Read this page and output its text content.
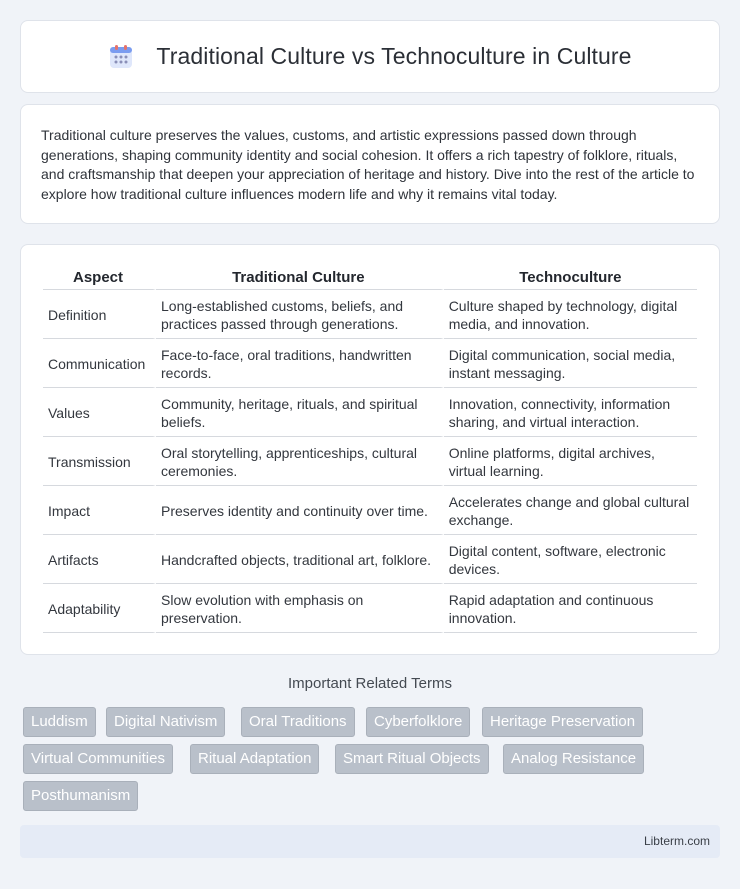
Traditional Culture vs Technoculture in Culture

Traditional culture preserves the values, customs, and artistic expressions passed down through generations, shaping community identity and social cohesion. It offers a rich tapestry of folklore, rituals, and craftsmanship that deepen your appreciation of heritage and history. Dive into the rest of the article to explore how traditional culture influences modern life and why it remains vital today.

Aspect	Traditional Culture	Technoculture
Definition	Long-established customs, beliefs, and practices passed through generations.	Culture shaped by technology, digital media, and innovation.
Communication	Face-to-face, oral traditions, handwritten records.	Digital communication, social media, instant messaging.
Values	Community, heritage, rituals, and spiritual beliefs.	Innovation, connectivity, information sharing, and virtual interaction.
Transmission	Oral storytelling, apprenticeships, cultural ceremonies.	Online platforms, digital archives, virtual learning.
Impact	Preserves identity and continuity over time.	Accelerates change and global cultural exchange.
Artifacts	Handcrafted objects, traditional art, folklore.	Digital content, software, electronic devices.
Adaptability	Slow evolution with emphasis on preservation.	Rapid adaptation and continuous innovation.
Important Related Terms
Luddism	Digital Nativism	Oral Traditions	Cyberfolklore	Heritage Preservation
Virtual Communities	Ritual Adaptation	Smart Ritual Objects	Analog Resistance
Posthumanism
Libterm.com
